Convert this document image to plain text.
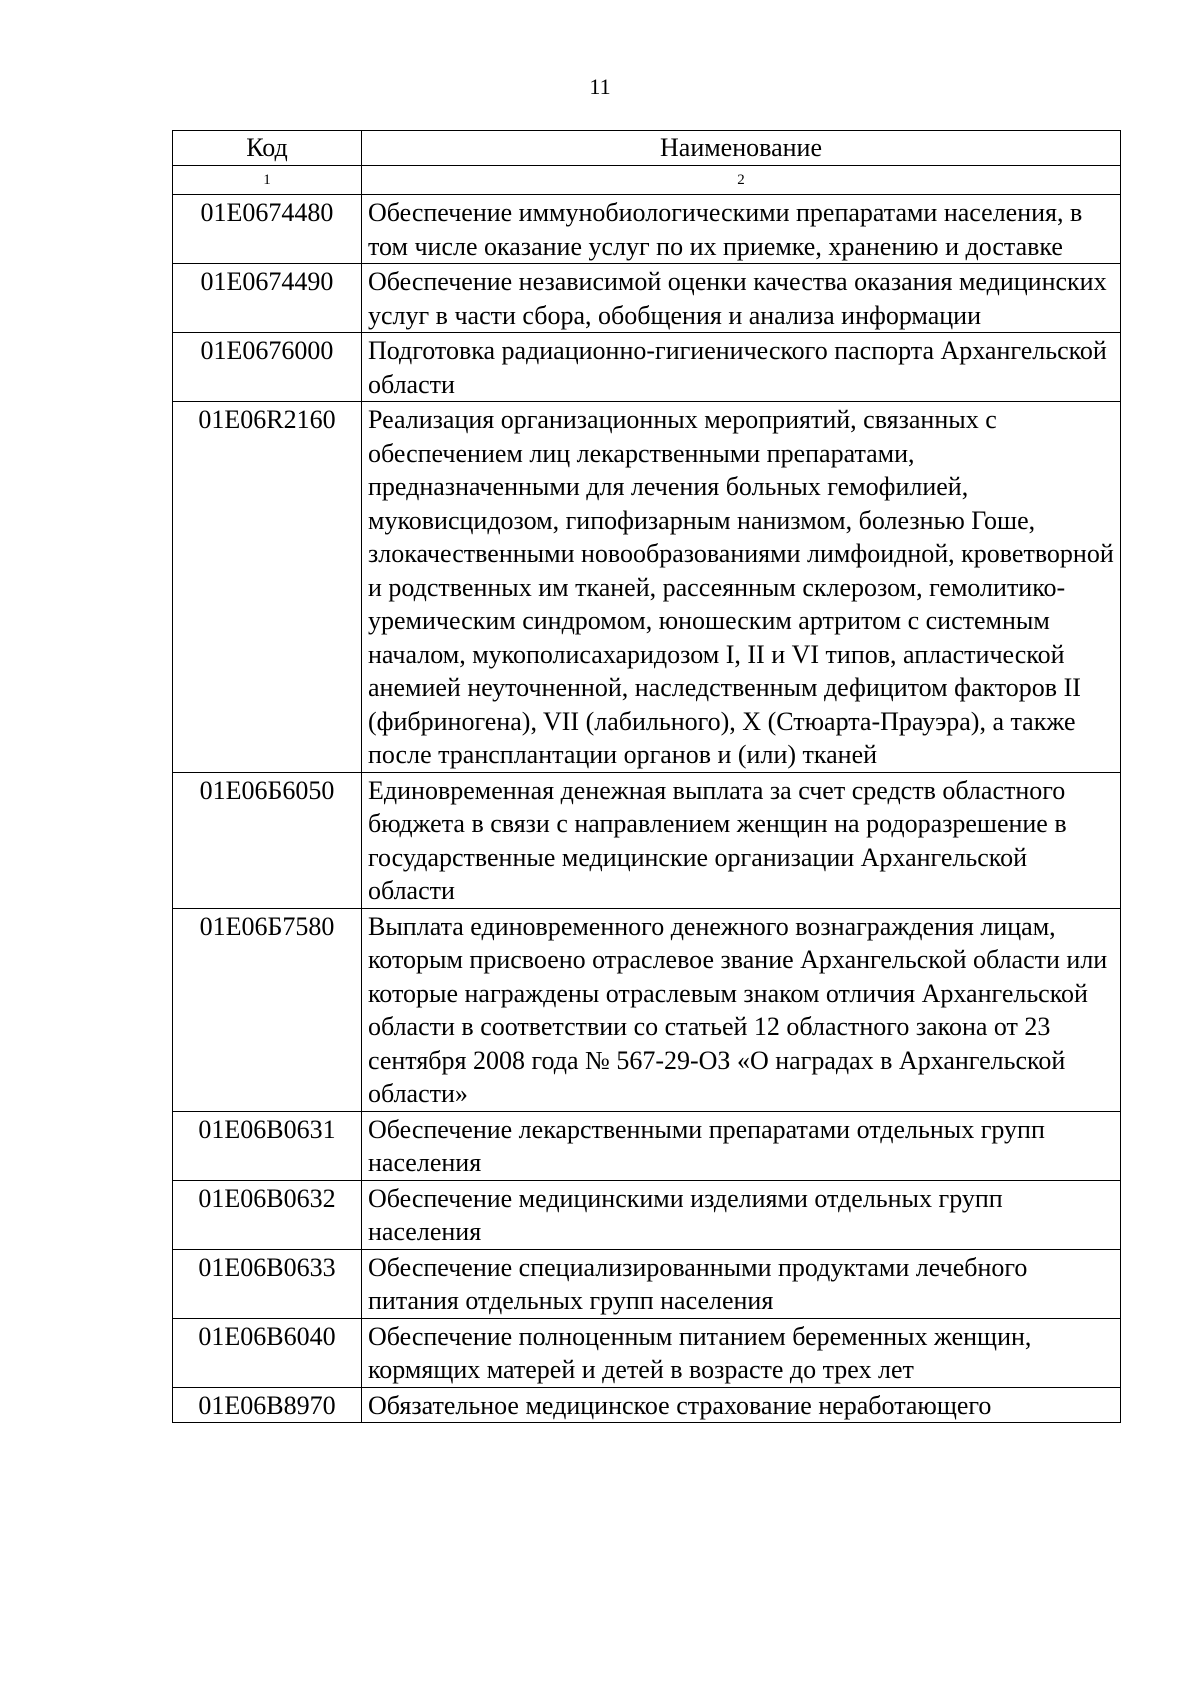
11
Код	Наименование
1	2
01E0674480	Обеспечение иммунобиологическими препаратами населения, в том числе оказание услуг по их приемке, хранению и доставке
01E0674490	Обеспечение независимой оценки качества оказания медицинских услуг в части сбора, обобщения и анализа информации
01E0676000	Подготовка радиационно-гигиенического паспорта Архангельской области
01E06R2160	Реализация организационных мероприятий, связанных с обеспечением лиц лекарственными препаратами, предназначенными для лечения больных гемофилией, муковисцидозом, гипофизарным нанизмом, болезнью Гоше, злокачественными новообразованиями лимфоидной, кроветворной и родственных им тканей, рассеянным склерозом, гемолитико-уремическим синдромом, юношеским артритом с системным началом, мукополисахаридозом I, II и VI типов, апластической анемией неуточненной, наследственным дефицитом факторов II (фибриногена), VII (лабильного), X (Стюарта-Прауэра), а также после трансплантации органов и (или) тканей
01E06Б6050	Единовременная денежная выплата за счет средств областного бюджета в связи с направлением женщин на родоразрешение в государственные медицинские организации Архангельской области
01E06Б7580	Выплата единовременного денежного вознаграждения лицам, которым присвоено отраслевое звание Архангельской области или которые награждены отраслевым знаком отличия Архангельской области в соответствии со статьей 12 областного закона от 23 сентября 2008 года № 567-29-ОЗ «О наградах в Архангельской области»
01E06B0631	Обеспечение лекарственными препаратами отдельных групп населения
01E06B0632	Обеспечение медицинскими изделиями отдельных групп населения
01E06B0633	Обеспечение специализированными продуктами лечебного питания отдельных групп населения
01E06B6040	Обеспечение полноценным питанием беременных женщин, кормящих матерей и детей в возрасте до трех лет
01E06B8970	Обязательное медицинское страхование неработающего
